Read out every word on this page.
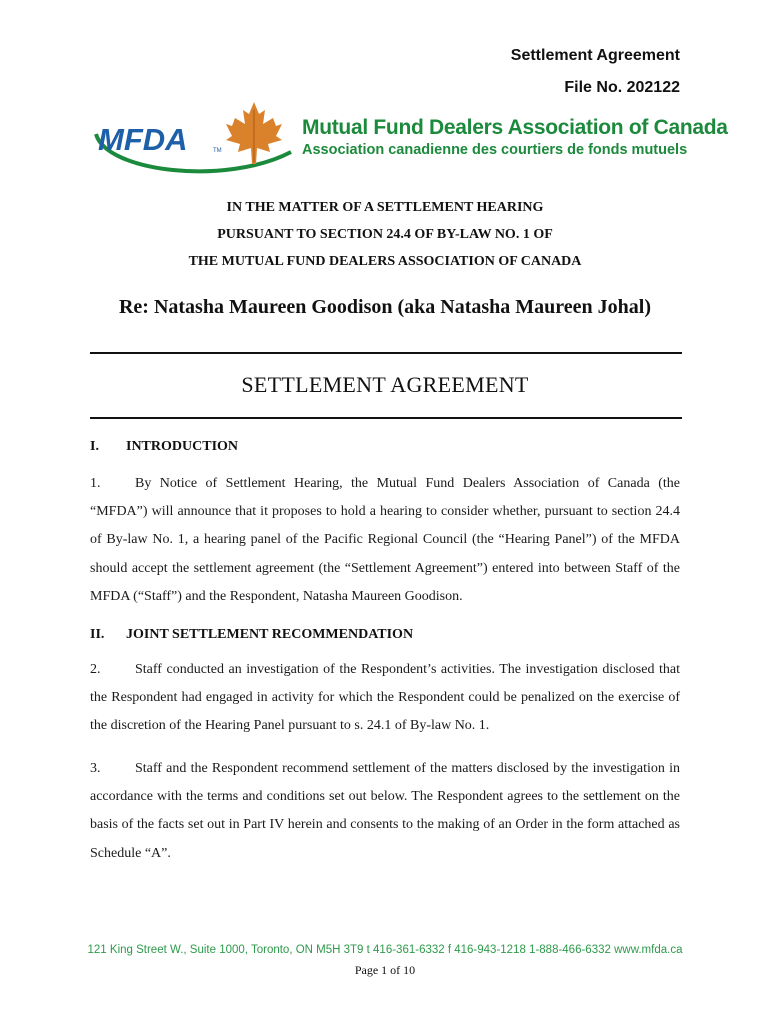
Settlement Agreement
File No. 202122
MFDA	TM
Mutual Fund Dealers Association of Canada
Association canadienne des courtiers de fonds mutuels
IN THE MATTER OF A SETTLEMENT HEARING
PURSUANT TO SECTION 24.4 OF BY-LAW NO. 1 OF
THE MUTUAL FUND DEALERS ASSOCIATION OF CANADA
Re: Natasha Maureen Goodison (aka Natasha Maureen Johal)
SETTLEMENT AGREEMENT
I. INTRODUCTION
1. By Notice of Settlement Hearing, the Mutual Fund Dealers Association of Canada (the “MFDA”) will announce that it proposes to hold a hearing to consider whether, pursuant to section 24.4 of By-law No. 1, a hearing panel of the Pacific Regional Council (the “Hearing Panel”) of the MFDA should accept the settlement agreement (the “Settlement Agreement”) entered into between Staff of the MFDA (“Staff”) and the Respondent, Natasha Maureen Goodison.
II. JOINT SETTLEMENT RECOMMENDATION
2. Staff conducted an investigation of the Respondent’s activities. The investigation disclosed that the Respondent had engaged in activity for which the Respondent could be penalized on the exercise of the discretion of the Hearing Panel pursuant to s. 24.1 of By-law No. 1.
3. Staff and the Respondent recommend settlement of the matters disclosed by the investigation in accordance with the terms and conditions set out below. The Respondent agrees to the settlement on the basis of the facts set out in Part IV herein and consents to the making of an Order in the form attached as Schedule “A”.
121 King Street W., Suite 1000, Toronto, ON M5H 3T9 t 416-361-6332 f 416-943-1218 1-888-466-6332 www.mfda.ca
Page 1 of 10
